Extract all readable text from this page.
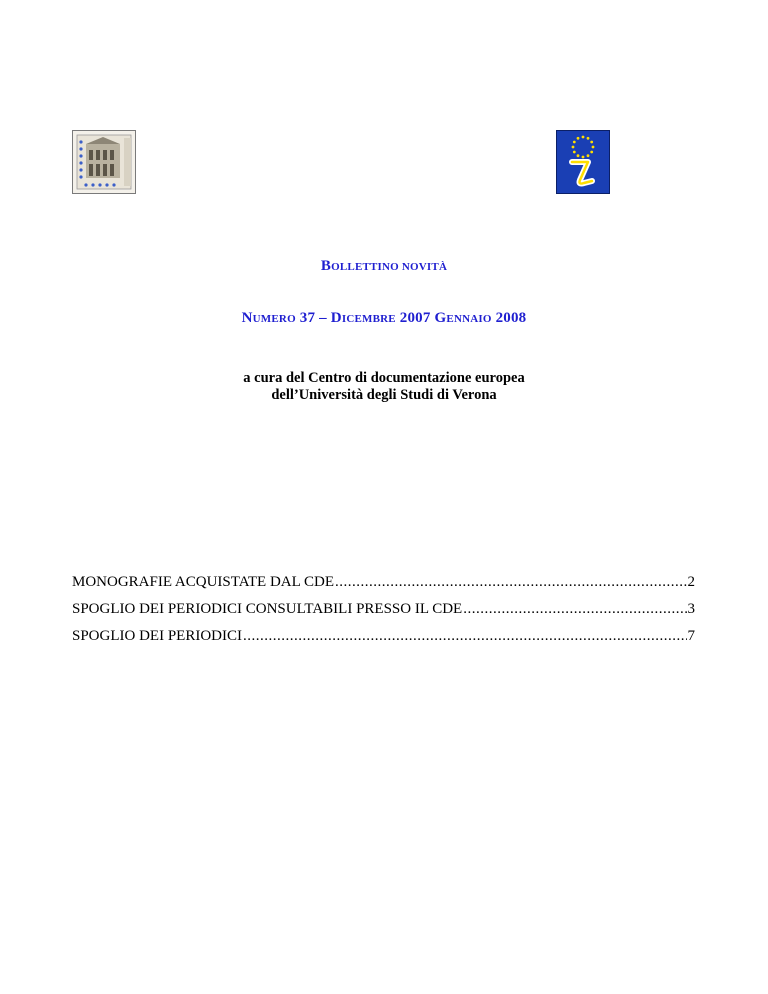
BOLLETTINO NOVITÀ
NUMERO 37 – DICEMBRE 2007 GENNAIO 2008
a cura del Centro di documentazione europea
dell’Università degli Studi di Verona
MONOGRAFIE ACQUISTATE DAL CDE .....	2
SPOGLIO DEI PERIODICI CONSULTABILI PRESSO IL CDE .....	3
SPOGLIO DEI PERIODICI .....	7
